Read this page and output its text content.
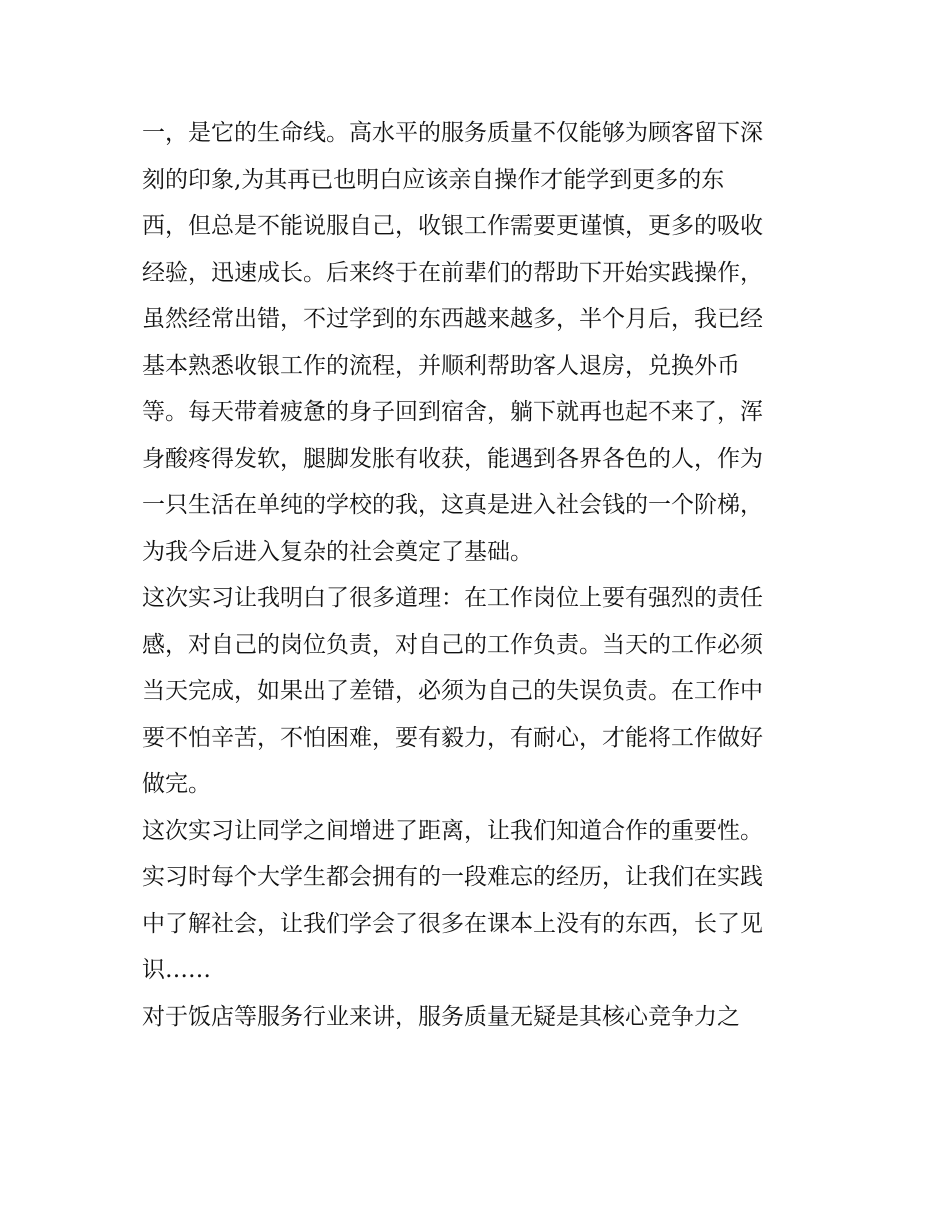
一，是它的生命线。高水平的服务质量不仅能够为顾客留下深
刻的印象,为其再已也明白应该亲自操作才能学到更多的东
西，但总是不能说服自己，收银工作需要更谨慎，更多的吸收
经验，迅速成长。后来终于在前辈们的帮助下开始实践操作，
虽然经常出错，不过学到的东西越来越多，半个月后，我已经
基本熟悉收银工作的流程，并顺利帮助客人退房，兑换外币
等。每天带着疲惫的身子回到宿舍，躺下就再也起不来了，浑
身酸疼得发软，腿脚发胀有收获，能遇到各界各色的人，作为
一只生活在单纯的学校的我，这真是进入社会钱的一个阶梯，
为我今后进入复杂的社会奠定了基础。
这次实习让我明白了很多道理：在工作岗位上要有强烈的责任
感，对自己的岗位负责，对自己的工作负责。当天的工作必须
当天完成，如果出了差错，必须为自己的失误负责。在工作中
要不怕辛苦，不怕困难，要有毅力，有耐心，才能将工作做好
做完。
这次实习让同学之间增进了距离，让我们知道合作的重要性。
实习时每个大学生都会拥有的一段难忘的经历，让我们在实践
中了解社会，让我们学会了很多在课本上没有的东西，长了见
识……
对于饭店等服务行业来讲，服务质量无疑是其核心竞争力之
